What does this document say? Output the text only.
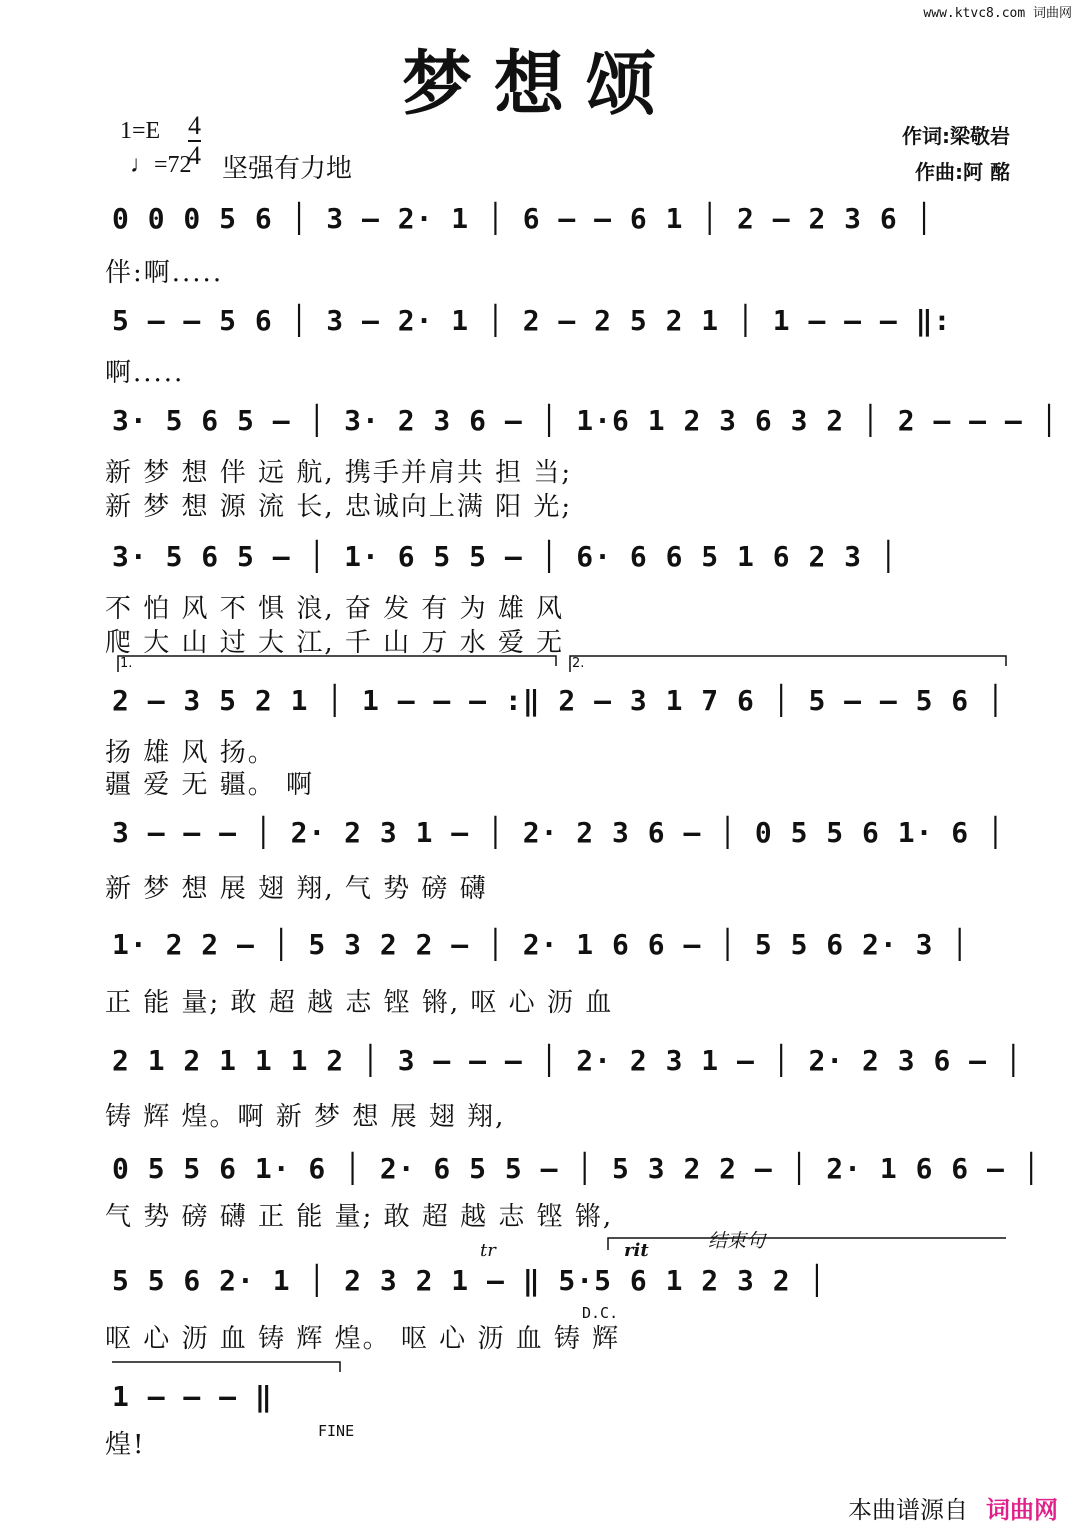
www.ktvc8.com 词曲网
梦想颂
作词:梁敬岩
作曲:阿 酩
1=E 4
4
♩=72 坚强有力地
0 0 0 5 6 │ 3 – 2· 1 │ 6 – – 6 1 │ 2 – 2 3 6 │
伴:啊.....
5 – – 5 6 │ 3 – 2· 1 │ 2 – 2 5 2 1 │ 1 – – – ‖:
啊.....
3· 5 6 5 – │ 3· 2 3 6 – │ 1·6 1 2 3 6 3 2 │ 2 – – – │
新 梦 想 伴 远 航, 携手并肩共 担 当;
新 梦 想 源 流 长, 忠诚向上满 阳 光;
3· 5 6 5 – │ 1· 6 5 5 – │ 6· 6 6 5 1 6 2 3 │
不 怕 风 不 惧 浪, 奋 发 有 为 雄 风
爬 大 山 过 大 江, 千 山 万 水 爱 无
1.	2.
2 – 3 5 2 1 │ 1 – – – :‖ 2 – 3 1 7 6 │ 5 – – 5 6 │
扬 雄 风 扬。
疆 爱 无 疆。 啊
3 – – – │ 2· 2 3 1 – │ 2· 2 3 6 – │ 0 5 5 6 1· 6 │
新 梦 想 展 翅 翔, 气 势 磅 礴
1· 2 2 – │ 5 3 2 2 – │ 2· 1 6 6 – │ 5 5 6 2· 3 │
正 能 量; 敢 超 越 志 铿 锵, 呕 心 沥 血
2 1 2 1 1 1 2 │ 3 – – – │ 2· 2 3 1 – │ 2· 2 3 6 – │
铸 辉 煌。啊 新 梦 想 展 翅 翔,
0 5 5 6 1· 6 │ 2· 6 5 5 – │ 5 3 2 2 – │ 2· 1 6 6 – │
气 势 磅 礴 正 能 量; 敢 超 越 志 铿 锵,
tr	rit	结束句
5 5 6 2· 1 │ 2 3 2 1 – ‖ 5·5 6 1 2 3 2 │
D.C.
呕 心 沥 血 铸 辉 煌。 呕 心 沥 血 铸 辉
1 – – – ‖
FINE
煌!
本曲谱源自 词曲网
